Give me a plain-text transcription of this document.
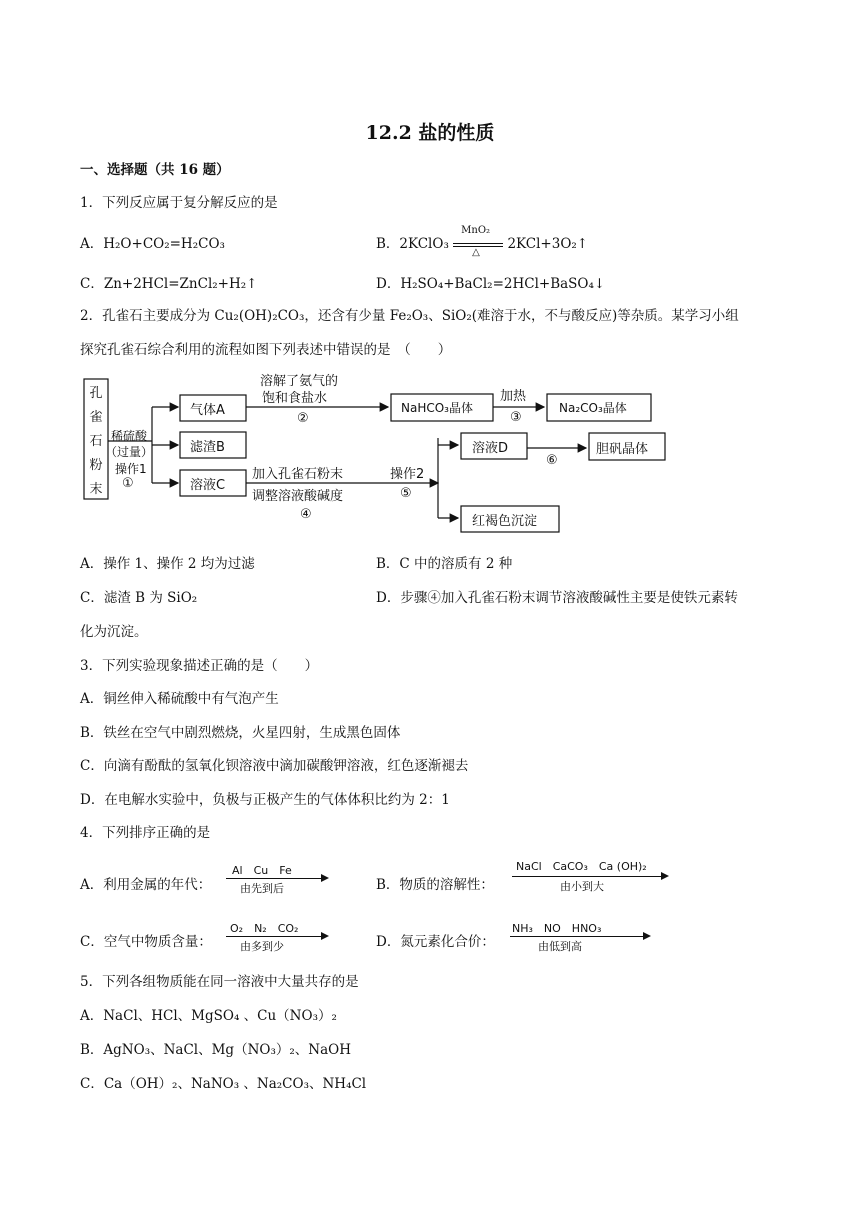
12.2 盐的性质
一、选择题（共 16 题）
1．下列反应属于复分解反应的是
A．H₂O+CO₂=H₂CO₃	B．2KClO₃
MnO₂
△ 2KCl+3O₂↑
C．Zn+2HCl=ZnCl₂+H₂↑	D．H₂SO₄+BaCl₂=2HCl+BaSO₄↓
2．孔雀石主要成分为 Cu₂(OH)₂CO₃，还含有少量 Fe₂O₃、SiO₂(难溶于水，不与酸反应)等杂质。某学习小组
探究孔雀石综合利用的流程如图下列表述中错误的是　（　　）
孔
雀
石
粉
末
稀硫酸
（过量）
操作1
①
气体A
滤渣B
溶液C
溶解了氨气的
饱和食盐水
②
NaHCO₃晶体
加热
③
Na₂CO₃晶体
加入孔雀石粉末
调整溶液酸碱度
④
操作2
⑤
溶液D
⑥
胆矾晶体
红褐色沉淀
A．操作 1、操作 2 均为过滤	B．C 中的溶质有 2 种
C．滤渣 B 为 SiO₂	D．步骤④加入孔雀石粉末调节溶液酸碱性主要是使铁元素转
化为沉淀。
3．下列实验现象描述正确的是（　　）
A．铜丝伸入稀硫酸中有气泡产生
B．铁丝在空气中剧烈燃烧，火星四射，生成黑色固体
C．向滴有酚酞的氢氧化钡溶液中滴加碳酸钾溶液，红色逐渐褪去
D．在电解水实验中，负极与正极产生的气体体积比约为 2：1
4．下列排序正确的是
A．利用金属的年代：
Al　Cu　Fe
由先到后	B．物质的溶解性：
NaCl　CaCO₃　Ca (OH)₂
由小到大
C．空气中物质含量：
O₂　N₂　CO₂
由多到少	D．氮元素化合价：
NH₃　NO　HNO₃
由低到高
5．下列各组物质能在同一溶液中大量共存的是
A．NaCl、HCl、MgSO₄ 、Cu（NO₃）₂
B．AgNO₃、NaCl、Mg（NO₃）₂、NaOH
C．Ca（OH）₂、NaNO₃ 、Na₂CO₃、NH₄Cl
